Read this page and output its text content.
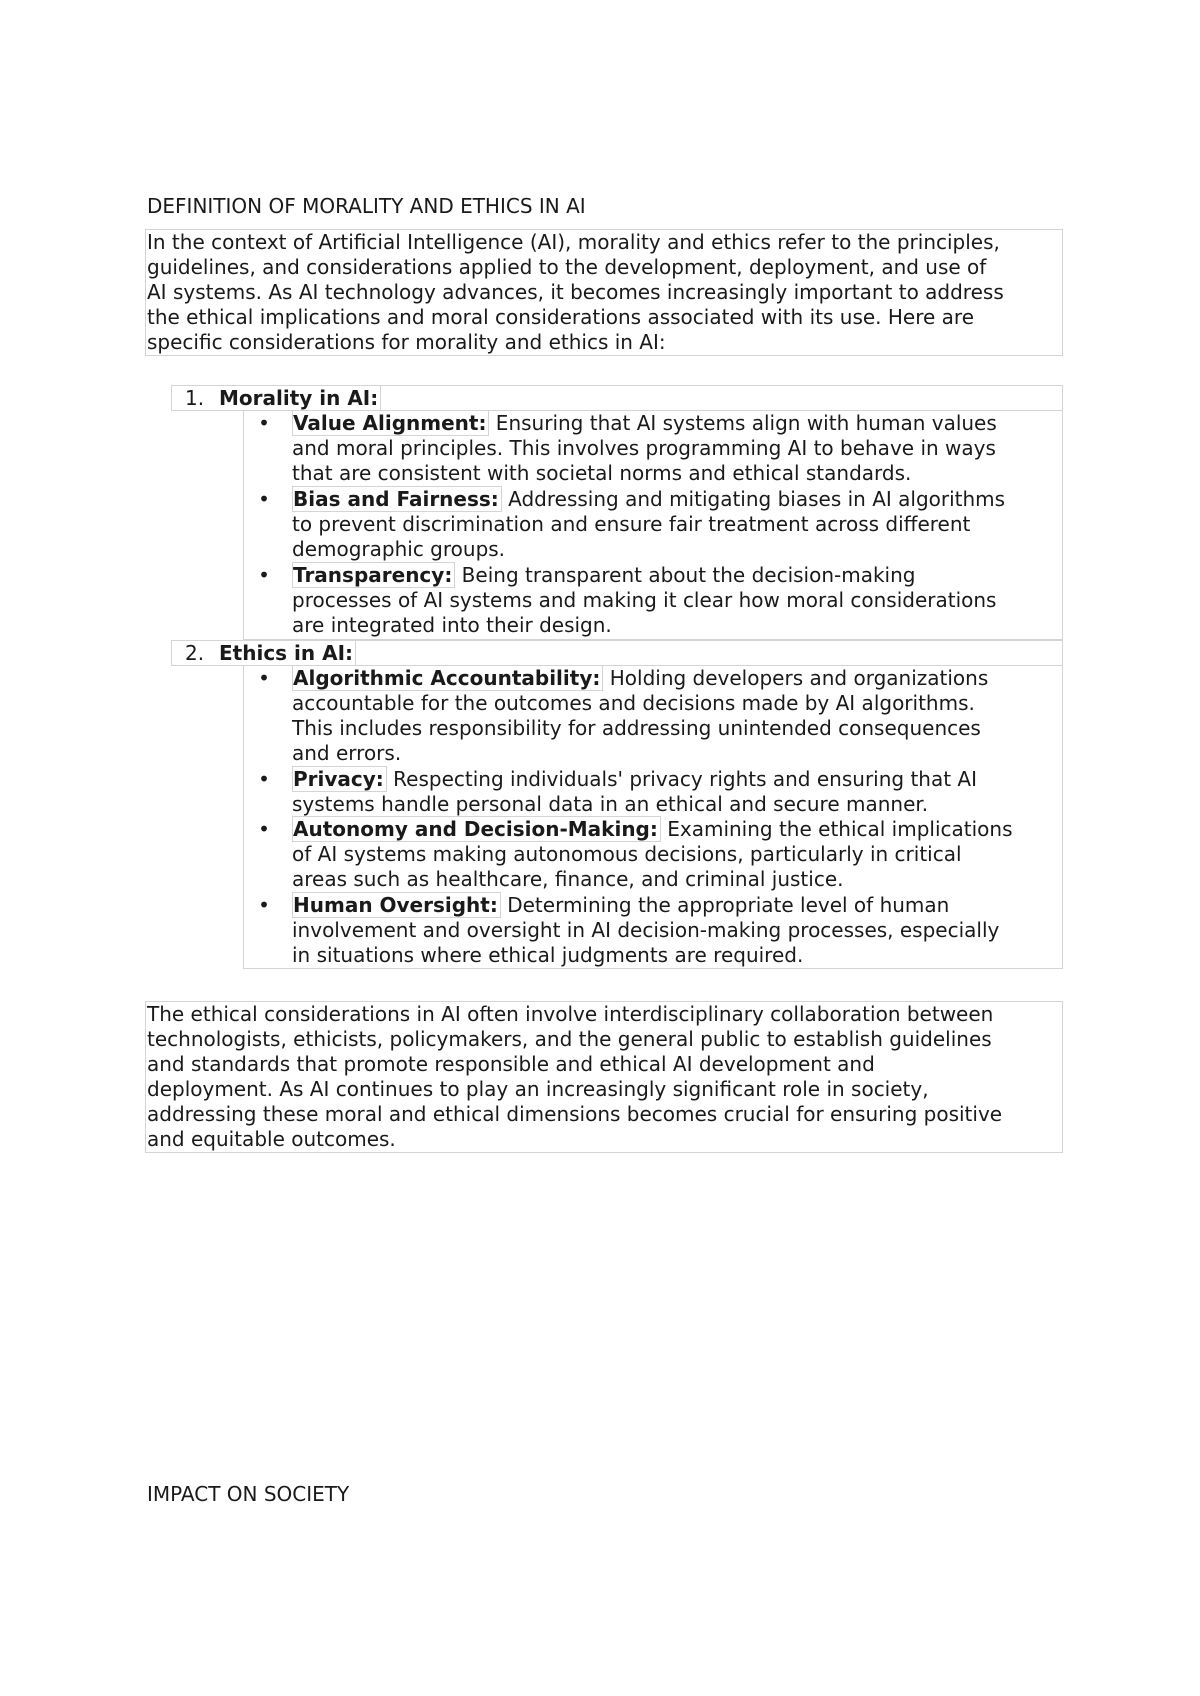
DEFINITION OF MORALITY AND ETHICS IN AI
In the context of Artificial Intelligence (AI), morality and ethics refer to the principles,
guidelines, and considerations applied to the development, deployment, and use of
AI systems. As AI technology advances, it becomes increasingly important to address
the ethical implications and moral considerations associated with its use. Here are
specific considerations for morality and ethics in AI:
1. Morality in AI:
• Value Alignment: Ensuring that AI systems align with human values
and moral principles. This involves programming AI to behave in ways
that are consistent with societal norms and ethical standards.
• Bias and Fairness: Addressing and mitigating biases in AI algorithms
to prevent discrimination and ensure fair treatment across different
demographic groups.
• Transparency: Being transparent about the decision-making
processes of AI systems and making it clear how moral considerations
are integrated into their design.
2. Ethics in AI:
• Algorithmic Accountability: Holding developers and organizations
accountable for the outcomes and decisions made by AI algorithms.
This includes responsibility for addressing unintended consequences
and errors.
• Privacy: Respecting individuals' privacy rights and ensuring that AI
systems handle personal data in an ethical and secure manner.
• Autonomy and Decision-Making: Examining the ethical implications
of AI systems making autonomous decisions, particularly in critical
areas such as healthcare, finance, and criminal justice.
• Human Oversight: Determining the appropriate level of human
involvement and oversight in AI decision-making processes, especially
in situations where ethical judgments are required.
The ethical considerations in AI often involve interdisciplinary collaboration between
technologists, ethicists, policymakers, and the general public to establish guidelines
and standards that promote responsible and ethical AI development and
deployment. As AI continues to play an increasingly significant role in society,
addressing these moral and ethical dimensions becomes crucial for ensuring positive
and equitable outcomes.
IMPACT ON SOCIETY
